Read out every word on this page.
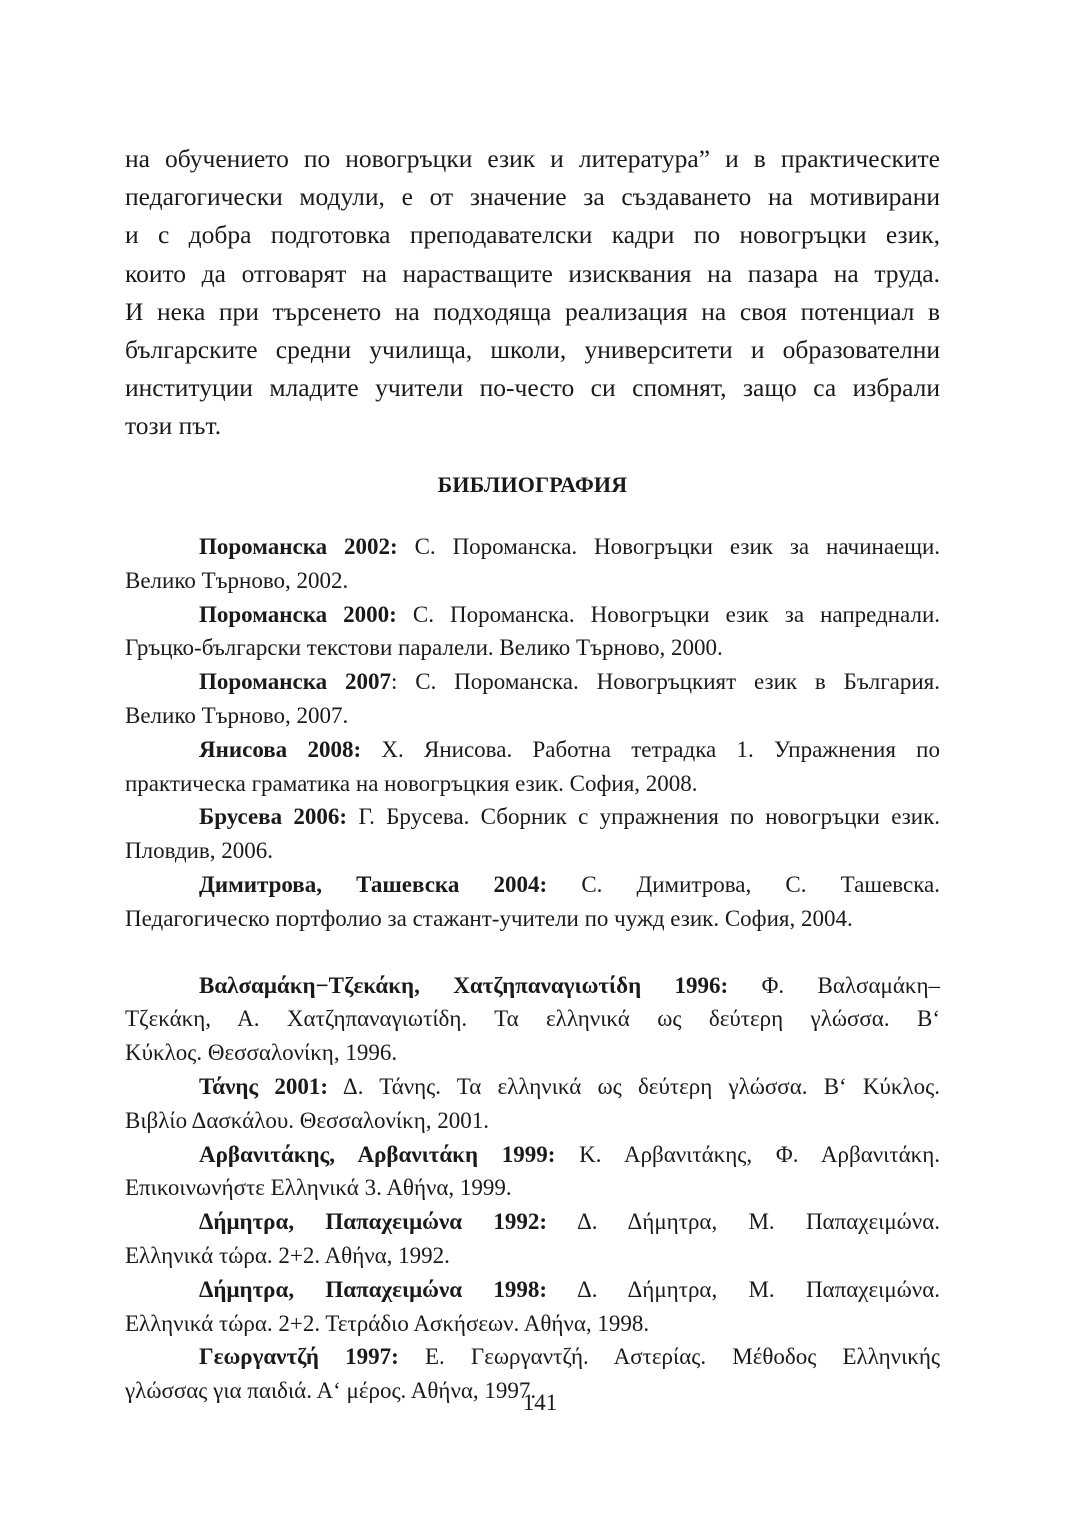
на обучението по новогръцки език и литература” и в практическите
педагогически модули, е от значение за създаването на мотивирани
и с добра подготовка преподавателски кадри по новогръцки език,
които да отговарят на нарастващите изисквания на пазара на труда.
И нека при търсенето на подходяща реализация на своя потенциал в
българските средни училища, школи, университети и образователни
институции младите учители по-често си спомнят, защо са избрали
този път.

БИБЛИОГРАФИЯ

Пороманска 2002: С. Пороманска. Новогръцки език за начинаещи.
Велико Търново, 2002.

Пороманска 2000: С. Пороманска. Новогръцки език за напреднали.
Гръцко-български текстови паралели. Велико Търново, 2000.

Пороманска 2007: С. Пороманска. Новогръцкият език в България.
Велико Търново, 2007.

Янисова 2008: Х. Янисова. Работна тетрадка 1. Упражнения по
практическа граматика на новогръцкия език. София, 2008.

Брусева 2006: Г. Брусева. Сборник с упражнения по новогръцки език.
Пловдив, 2006.

Димитрова, Ташевска 2004: С. Димитрова, С. Ташевска.
Педагогическо портфолио за стажант-учители по чужд език. София, 2004.

Βαλσαμάκη−Τζεκάκη, Χατζηπαναγιωτίδη 1996: Φ. Βαλσαμάκη–
Τζεκάκη, Α. Χατζηπαναγιωτίδη. Τα ελληνικά ως δεύτερη γλώσσα. Β‘
Κύκλος. Θεσσαλονίκη, 1996.

Τάνης 2001: Δ. Τάνης. Τα ελληνικά ως δεύτερη γλώσσα. Β‘ Κύκλος.
Βιβλίο Δασκάλου. Θεσσαλονίκη, 2001.

Αρβανιτάκης, Αρβανιτάκη 1999: Κ. Αρβανιτάκης, Φ. Αρβανιτάκη.
Επικοινωνήστε Ελληνικά 3. Αθήνα, 1999.

Δήμητρα, Παπαχειμώνα 1992: Δ. Δήμητρα, Μ. Παπαχειμώνα.
Ελληνικά τώρα. 2+2. Αθήνα, 1992.

Δήμητρα, Παπαχειμώνα 1998: Δ. Δήμητρα, Μ. Παπαχειμώνα.
Ελληνικά τώρα. 2+2. Τετράδιο Ασκήσεων. Αθήνα, 1998.

Γεωργαντζή 1997: Ε. Γεωργαντζή. Αστερίας. Μέθοδος Ελληνικής
γλώσσας για παιδιά. Α‘ μέρος. Αθήνα, 1997.

141
